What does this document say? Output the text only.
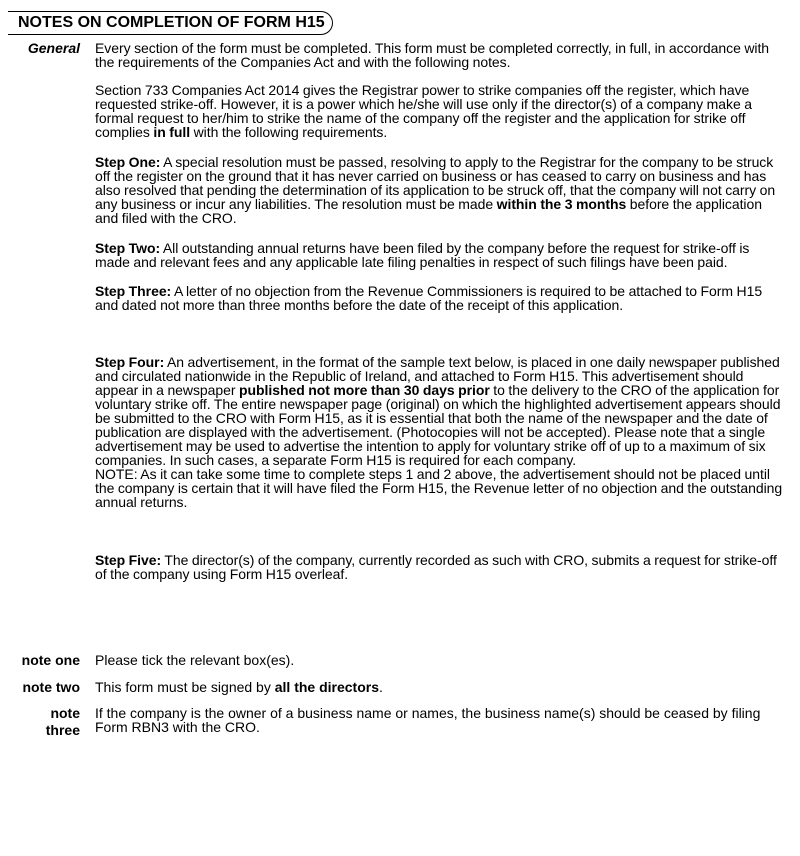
NOTES ON COMPLETION OF FORM H15
General Every section of the form must be completed. This form must be completed correctly, in full, in accordance with the requirements of the Companies Act and with the following notes.

Section 733 Companies Act 2014 gives the Registrar power to strike companies off the register, which have requested strike-off. However, it is a power which he/she will use only if the director(s) of a company make a formal request to her/him to strike the name of the company off the register and the application for strike off complies in full with the following requirements.

Step One: A special resolution must be passed, resolving to apply to the Registrar for the company to be struck off the register on the ground that it has never carried on business or has ceased to carry on business and has also resolved that pending the determination of its application to be struck off, that the company will not carry on any business or incur any liabilities. The resolution must be made within the 3 months before the application and filed with the CRO.

Step Two: All outstanding annual returns have been filed by the company before the request for strike-off is made and relevant fees and any applicable late filing penalties in respect of such filings have been paid.

Step Three: A letter of no objection from the Revenue Commissioners is required to be attached to Form H15 and dated not more than three months before the date of the receipt of this application.

Step Four: An advertisement, in the format of the sample text below, is placed in one daily newspaper published and circulated nationwide in the Republic of Ireland, and attached to Form H15. This advertisement should appear in a newspaper published not more than 30 days prior to the delivery to the CRO of the application for voluntary strike off. The entire newspaper page (original) on which the highlighted advertisement appears should be submitted to the CRO with Form H15, as it is essential that both the name of the newspaper and the date of publication are displayed with the advertisement. (Photocopies will not be accepted). Please note that a single advertisement may be used to advertise the intention to apply for voluntary strike off of up to a maximum of six companies. In such cases, a separate Form H15 is required for each company.
NOTE: As it can take some time to complete steps 1 and 2 above, the advertisement should not be placed until the company is certain that it will have filed the Form H15, the Revenue letter of no objection and the outstanding annual returns.

Step Five: The director(s) of the company, currently recorded as such with CRO, submits a request for strike-off of the company using Form H15 overleaf.

note one Please tick the relevant box(es).

note two This form must be signed by all the directors.

note
three

If the company is the owner of a business name or names, the business name(s) should be ceased by filing Form RBN3 with the CRO.
